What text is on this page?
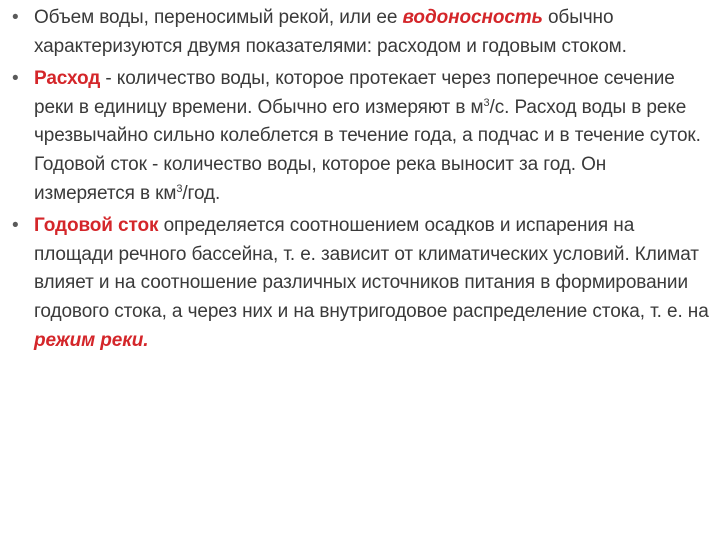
• Объем воды, переносимый рекой, или ее водоносность обычно характеризуются двумя показателями: расходом и годовым стоком.
• Расход - количество воды, которое протекает через поперечное сечение реки в единицу времени. Обычно его измеряют в $м^3/с$. Расход воды в реке чрезвычайно сильно колеблется в течение года, а подчас и в течение суток. Годовой сток - количество воды, которое река выносит за год. Он измеряется в $км^3$/год.
• Годовой сток определяется соотношением осадков и испарения на площади речного бассейна, т. е. зависит от климатических условий. Климат влияет и на соотношение различных источников питания в формировании годового стока, а через них и на внутригодовое распределение стока, т. е. на режим реки.
